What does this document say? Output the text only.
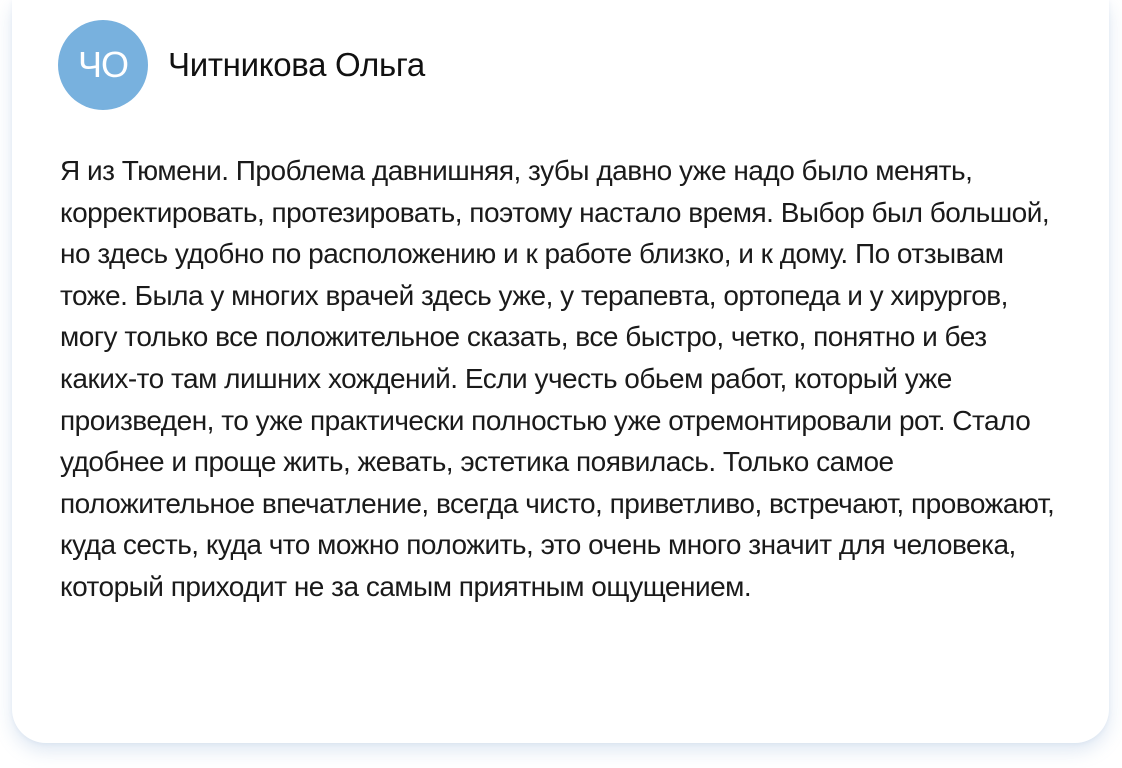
ЧО	Читникова Ольга

Я из Тюмени. Проблема давнишняя, зубы давно уже надо было менять, корректировать, протезировать, поэтому настало время. Выбор был большой, но здесь удобно по расположению и к работе близко, и к дому. По отзывам тоже. Была у многих врачей здесь уже, у терапевта, ортопеда и у хирургов, могу только все положительное сказать, все быстро, четко, понятно и без каких-то там лишних хождений. Если учесть обьем работ, который уже произведен, то уже практически полностью уже отремонтировали рот. Стало удобнее и проще жить, жевать, эстетика появилась. Только самое положительное впечатление, всегда чисто, приветливо, встречают, провожают, куда сесть, куда что можно положить, это очень много значит для человека, который приходит не за самым приятным ощущением.
